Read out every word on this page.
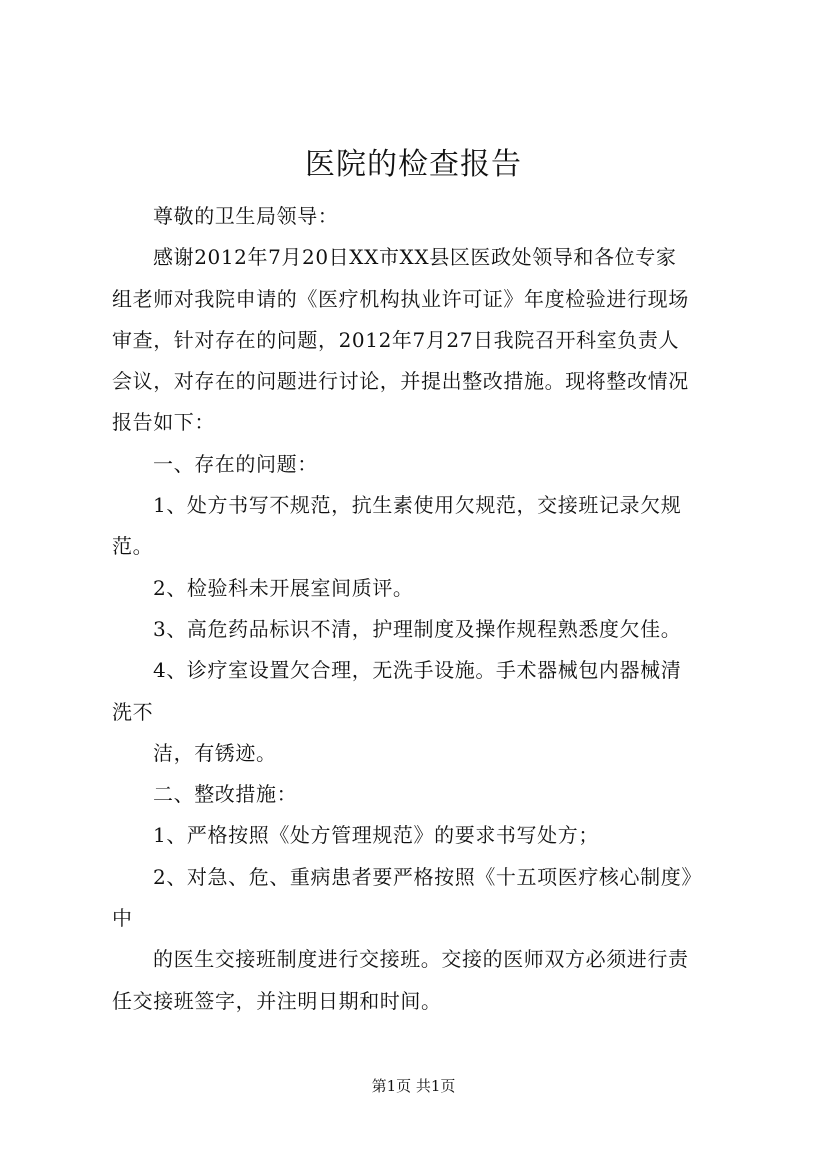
医院的检查报告
尊敬的卫生局领导：
感谢2012年7月20日XX市XX县区医政处领导和各位专家
组老师对我院申请的《医疗机构执业许可证》年度检验进行现场
审查，针对存在的问题，2012年7月27日我院召开科室负责人
会议，对存在的问题进行讨论，并提出整改措施。现将整改情况
报告如下：
一、存在的问题：
1、处方书写不规范，抗生素使用欠规范，交接班记录欠规
范。
2、检验科未开展室间质评。
3、高危药品标识不清，护理制度及操作规程熟悉度欠佳。
4、诊疗室设置欠合理，无洗手设施。手术器械包内器械清
洗不
洁，有锈迹。
二、整改措施：
1、严格按照《处方管理规范》的要求书写处方；
2、对急、危、重病患者要严格按照《十五项医疗核心制度》
中
的医生交接班制度进行交接班。交接的医师双方必须进行责
任交接班签字，并注明日期和时间。
第1页 共1页
